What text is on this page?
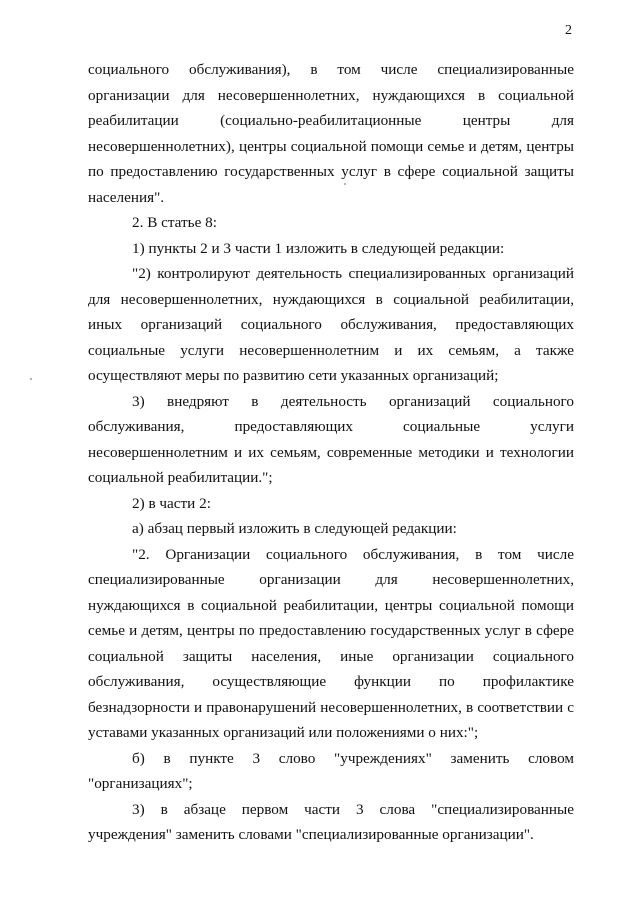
2

социального обслуживания), в том числе специализированные организации для несовершеннолетних, нуждающихся в социальной реабилитации (социально-реабилитационные центры для несовершеннолетних), центры социальной помощи семье и детям, центры по предоставлению государственных услуг в сфере социальной защиты населения".

2. В статье 8:

1) пункты 2 и 3 части 1 изложить в следующей редакции:

"2) контролируют деятельность специализированных организаций для несовершеннолетних, нуждающихся в социальной реабилитации, иных организаций социального обслуживания, предоставляющих социальные услуги несовершеннолетним и их семьям, а также осуществляют меры по развитию сети указанных организаций;

3) внедряют в деятельность организаций социального обслуживания, предоставляющих социальные услуги несовершеннолетним и их семьям, современные методики и технологии социальной реабилитации.";

2) в части 2:

а) абзац первый изложить в следующей редакции:

"2. Организации социального обслуживания, в том числе специализированные организации для несовершеннолетних, нуждающихся в социальной реабилитации, центры социальной помощи семье и детям, центры по предоставлению государственных услуг в сфере социальной защиты населения, иные организации социального обслуживания, осуществляющие функции по профилактике безнадзорности и правонарушений несовершеннолетних, в соответствии с уставами указанных организаций или положениями о них:";

б) в пункте 3 слово "учреждениях" заменить словом "организациях";

3) в абзаце первом части 3 слова "специализированные учреждения" заменить словами "специализированные организации".
